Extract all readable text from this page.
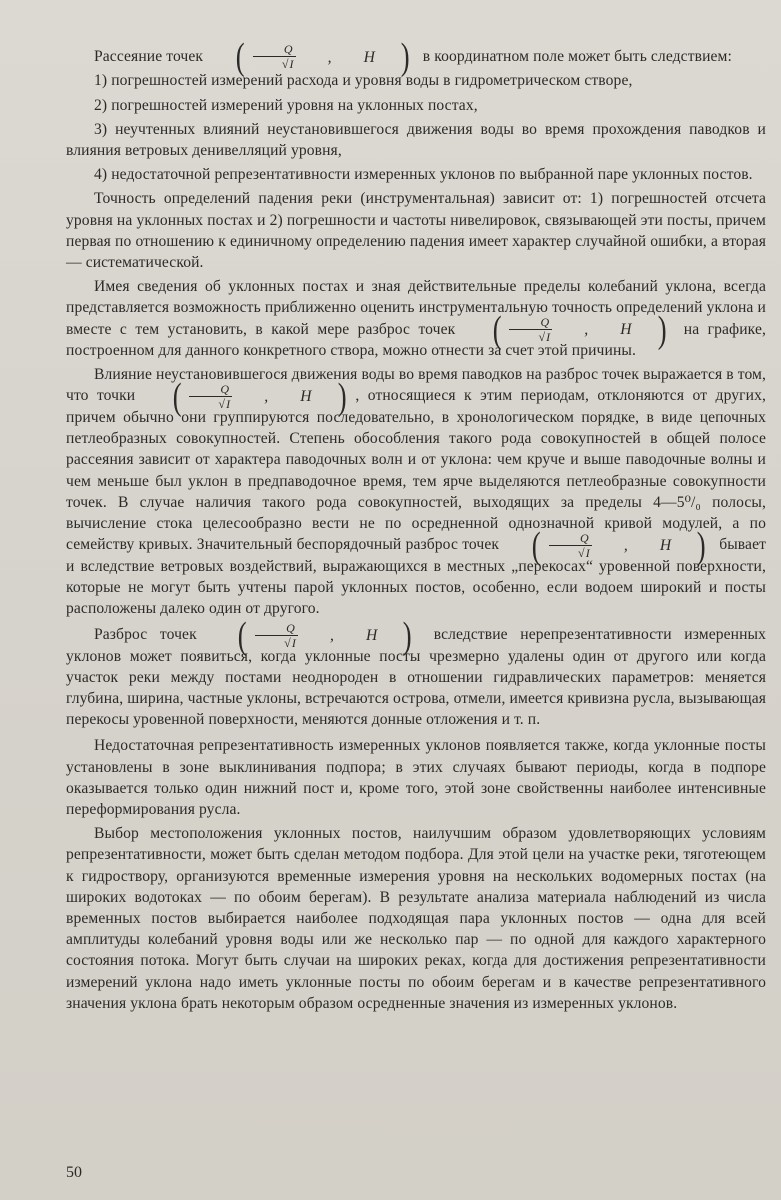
Рассеяние точек ( $\frac{Q}{√I}$	,	H ) в координатном поле может быть следствием:

1) погрешностей измерений расхода и уровня воды в гидрометрическом створе,

2) погрешностей измерений уровня на уклонных постах,

3) неучтенных влияний неустановившегося движения воды во время прохождения паводков и влияния ветровых денивелляций уровня,

4) недостаточной репрезентативности измеренных уклонов по выбранной паре уклонных постов.

Точность определений падения реки (инструментальная) зависит от: 1) погрешностей отсчета уровня на уклонных постах и 2) погрешности и частоты нивелировок, связывающей эти посты, причем первая по отношению к единичному определению падения имеет характер случайной ошибки, а вторая — систематической.

Имея сведения об уклонных постах и зная действительные пределы колебаний уклона, всегда представляется возможность приближенно оценить инструментальную точность определений уклона и вместе с тем установить, в какой мере разброс точек ( $\frac{Q}{√I}$	,	H ) на графике, построенном для данного конкретного створа, можно отнести за счет этой причины.

Влияние неустановившегося движения воды во время паводков на разброс точек выражается в том, что точки ( $\frac{Q}{√I}$	,	H ) , относящиеся к этим периодам, отклоняются от других, причем обычно они группируются последовательно, в хронологическом порядке, в виде цепочных петлеобразных совокупностей. Степень обособления такого рода совокупностей в общей полосе рассеяния зависит от характера паводочных волн и от уклона: чем круче и выше паводочные волны и чем меньше был уклон в предпаводочное время, тем ярче выделяются петлеобразные совокупности точек. В случае наличия такого рода совокупностей, выходящих за пределы 4—5⁰/₀ полосы, вычисление стока целесообразно вести не по осредненной однозначной кривой модулей, а по семейству кривых. Значительный беспорядочный разброс точек ( $\frac{Q}{√I}$	,	H ) бывает и вследствие ветровых воздействий, выражающихся в местных „перекосах“ уровенной поверхности, которые не могут быть учтены парой уклонных постов, особенно, если водоем широкий и посты расположены далеко один от другого.

Разброс точек	( $\frac{Q}{√I}$	,	H ) вследствие нерепрезентативности измеренных уклонов может появиться, когда уклонные посты чрезмерно удалены один от другого или когда участок реки между постами неоднороден в отношении гидравлических параметров: меняется глубина, ширина, частные уклоны, встречаются острова, отмели, имеется кривизна русла, вызывающая перекосы уровенной поверхности, меняются донные отложения и т. п.

Недостаточная репрезентативность измеренных уклонов появляется также, когда уклонные посты установлены в зоне выклинивания подпора; в этих случаях бывают периоды, когда в подпоре оказывается только один нижний пост и, кроме того, этой зоне свойственны наиболее интенсивные переформирования русла.

Выбор местоположения уклонных постов, наилучшим образом удовлетворяющих условиям репрезентативности, может быть сделан методом подбора. Для этой цели на участке реки, тяготеющем к гидроствору, организуются временные измерения уровня на нескольких водомерных постах (на широких водотоках — по обоим берегам). В результате анализа материала наблюдений из числа временных постов выбирается наиболее подходящая пара уклонных постов — одна для всей амплитуды колебаний уровня воды или же несколько пар — по одной для каждого характерного состояния потока. Могут быть случаи на широких реках, когда для достижения репрезентативности измерений уклона надо иметь уклонные посты по обоим берегам и в качестве репрезентативного значения уклона брать некоторым образом осредненные значения из измеренных уклонов.

50
